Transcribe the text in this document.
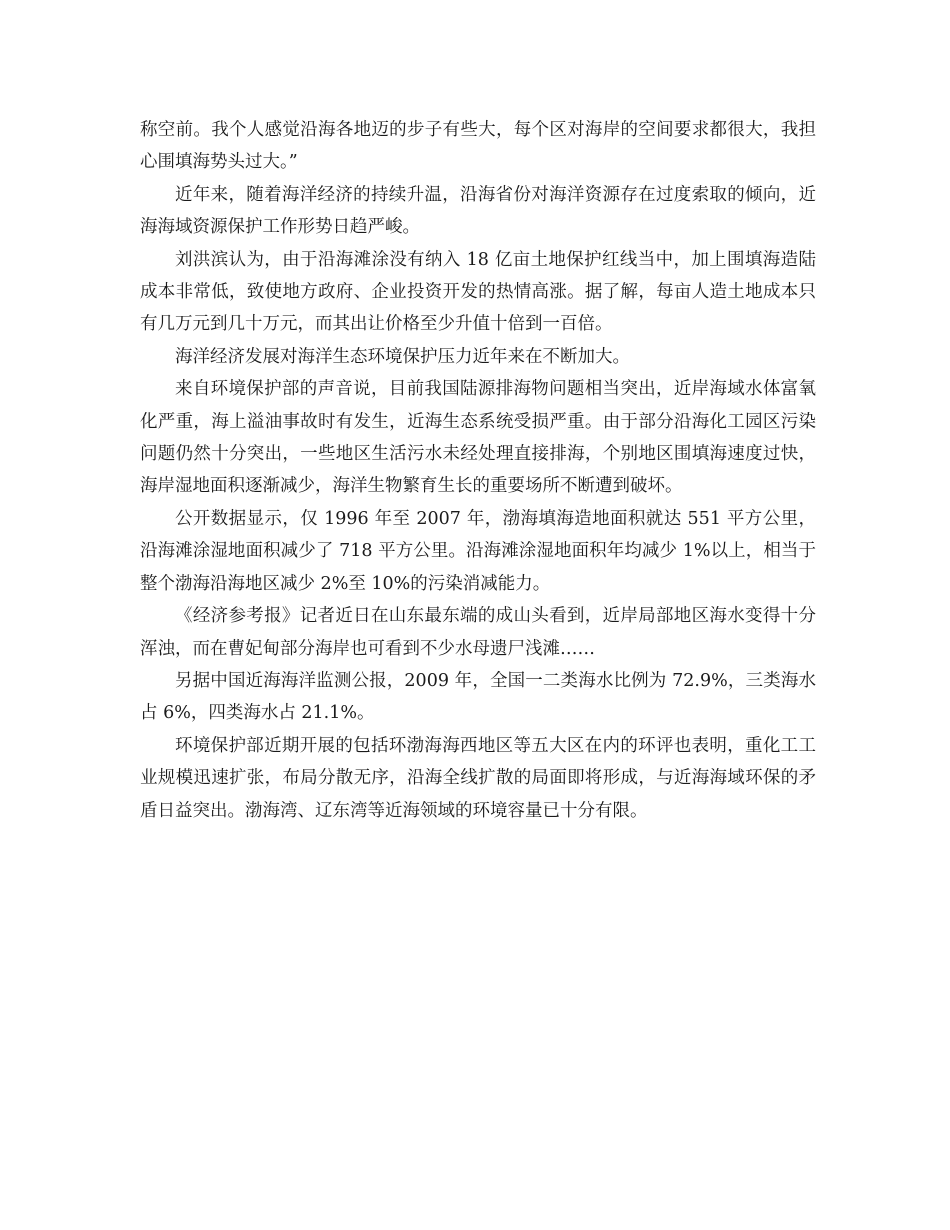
称空前。我个人感觉沿海各地迈的步子有些大，每个区对海岸的空间要求都很大，我担心围填海势头过大。”

近年来，随着海洋经济的持续升温，沿海省份对海洋资源存在过度索取的倾向，近海海域资源保护工作形势日趋严峻。

刘洪滨认为，由于沿海滩涂没有纳入 18 亿亩土地保护红线当中，加上围填海造陆成本非常低，致使地方政府、企业投资开发的热情高涨。据了解，每亩人造土地成本只有几万元到几十万元，而其出让价格至少升值十倍到一百倍。

海洋经济发展对海洋生态环境保护压力近年来在不断加大。

来自环境保护部的声音说，目前我国陆源排海物问题相当突出，近岸海域水体富氧化严重，海上溢油事故时有发生，近海生态系统受损严重。由于部分沿海化工园区污染问题仍然十分突出，一些地区生活污水未经处理直接排海，个别地区围填海速度过快，海岸湿地面积逐渐减少，海洋生物繁育生长的重要场所不断遭到破坏。

公开数据显示，仅 1996 年至 2007 年，渤海填海造地面积就达 551 平方公里，沿海滩涂湿地面积减少了 718 平方公里。沿海滩涂湿地面积年均减少 1%以上，相当于整个渤海沿海地区减少 2%至 10%的污染消减能力。

《经济参考报》记者近日在山东最东端的成山头看到，近岸局部地区海水变得十分浑浊，而在曹妃甸部分海岸也可看到不少水母遗尸浅滩……

另据中国近海海洋监测公报，2009 年，全国一二类海水比例为 72.9%，三类海水占 6%，四类海水占 21.1%。

环境保护部近期开展的包括环渤海海西地区等五大区在内的环评也表明，重化工工业规模迅速扩张，布局分散无序，沿海全线扩散的局面即将形成，与近海海域环保的矛盾日益突出。渤海湾、辽东湾等近海领域的环境容量已十分有限。
